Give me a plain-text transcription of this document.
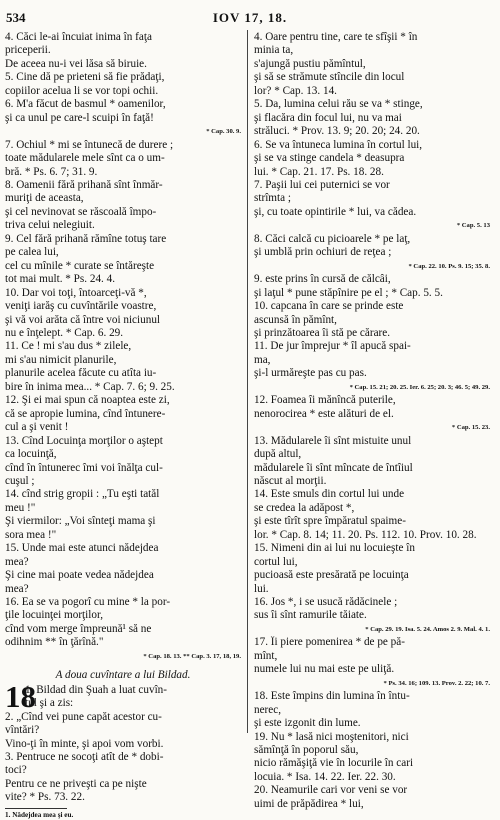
534	IOV 17, 18.
4. Căci le-ai încuiat inima în faţa
priceperii.
De aceea nu-i vei lăsa să biruie.
5. Cine dă pe prieteni să fie prădaţi,
copiilor acelua li se vor topi ochii.
6. M'a făcut de basmul * oamenilor,
şi ca unul pe care-l scuipi în faţă!
* Cap. 30. 9.
7. Ochiul * mi se întunecă de durere ;
toate mădularele mele sînt ca o um-
bră. * Ps. 6. 7; 31. 9.
8. Oamenii fără prihană sînt înmăr-
muriţi de aceasta,
şi cel nevinovat se răscoală împo-
triva celui nelegiuit.
9. Cel fără prihană rămîne totuş tare
pe calea lui,
cel cu mînile * curate se întăreşte
tot mai mult. * Ps. 24. 4.
10. Dar voi toţi, întoarceţi-vă *,
veniţi iarăş cu cuvîntările voastre,
şi vă voi arăta că între voi niciunul
nu e înţelept. * Cap. 6. 29.
11. Ce ! mi s'au dus * zilele,
mi s'au nimicit planurile,
planurile acelea făcute cu atîta iu-
bire în inima mea... * Cap. 7. 6; 9. 25.
12. Şi ei mai spun că noaptea este zi,
că se apropie lumina, cînd întunere-
cul a şi venit !
13. Cînd Locuinţa morţilor o aştept
ca locuinţă,
cînd în întunerec îmi voi înălţa cul-
cuşul ;
14. cînd strig gropii : „Tu eşti tatăl
meu !"
Şi viermilor: „Voi sînteţi mama şi
sora mea !"
15. Unde mai este atunci nădejdea
mea?
Şi cine mai poate vedea nădejdea
mea?
16. Ea se va pogorî cu mine * la por-
ţile locuinţei morţilor,
cînd vom merge împreună¹ să ne
odihnim ** în ţărînă."
* Cap. 18. 13. ** Cap. 3. 17, 18, 19.
A doua cuvîntare a lui Bildad.
18
1. Bildad din Şuah a luat cuvîn-
tul şi a zis:
2. „Cînd vei pune capăt acestor cu-
vîntări?
Vino-ţi în minte, şi apoi vom vorbi.
3. Pentruce ne socoţi atît de * dobi-
toci?
Pentru ce ne priveşti ca pe nişte
vite? * Ps. 73. 22.
1. Nădejdea mea şi eu.
4. Oare pentru tine, care te sfîşii * în
minia ta,
s'ajungă pustiu pămîntul,
şi să se strămute stîncile din locul
lor? * Cap. 13. 14.
5. Da, lumina celui rău se va * stinge,
şi flacăra din focul lui, nu va mai
străluci. * Prov. 13. 9; 20. 20; 24. 20.
6. Se va întuneca lumina în cortul lui,
şi se va stinge candela * deasupra
lui. * Cap. 21. 17. Ps. 18. 28.
7. Paşii lui cei puternici se vor
strîmta ;
şi, cu toate opintirile * lui, va cădea.
* Cap. 5. 13
8. Căci calcă cu picioarele * pe laţ,
şi umblă prin ochiuri de reţea ;
* Cap. 22. 10. Ps. 9. 15; 35. 8.
9. este prins în cursă de călcâi,
şi laţul * pune stăpînire pe el ; * Cap. 5. 5.
10. capcana în care se prinde este
ascunsă în pămînt,
şi prinzătoarea îi stă pe cărare.
11. De jur împrejur * îl apucă spai-
ma,
şi-l urmăreşte pas cu pas.
* Cap. 15. 21; 20. 25. Ier. 6. 25; 20. 3; 46. 5; 49. 29.
12. Foamea îi mănîncă puterile,
nenorocirea * este alături de el.
* Cap. 15. 23.
13. Mădularele îi sînt mistuite unul
după altul,
mădularele îi sînt mîncate de întîiul
născut al morţii.
14. Este smuls din cortul lui unde
se credea la adăpost *,
şi este tîrît spre împăratul spaime-
lor. * Cap. 8. 14; 11. 20. Ps. 112. 10. Prov. 10. 28.
15. Nimeni din ai lui nu locuieşte în
cortul lui,
pucioasă este presărată pe locuinţa
lui.
16. Jos *, i se usucă rădăcinele ;
sus îi sînt ramurile tăiate.
* Cap. 29. 19. Isa. 5. 24. Amos 2. 9. Mal. 4. 1.
17. Îi piere pomenirea * de pe pă-
mînt,
numele lui nu mai este pe uliţă.
* Ps. 34. 16; 109. 13. Prov. 2. 22; 10. 7.
18. Este împins din lumina în întu-
nerec,
şi este izgonit din lume.
19. Nu * lasă nici moştenitori, nici
sămînţă în poporul său,
nicio rămăşiţă vie în locurile în cari
locuia. * Isa. 14. 22. Ier. 22. 30.
20. Neamurile cari vor veni se vor
uimi de prăpădirea * lui,
